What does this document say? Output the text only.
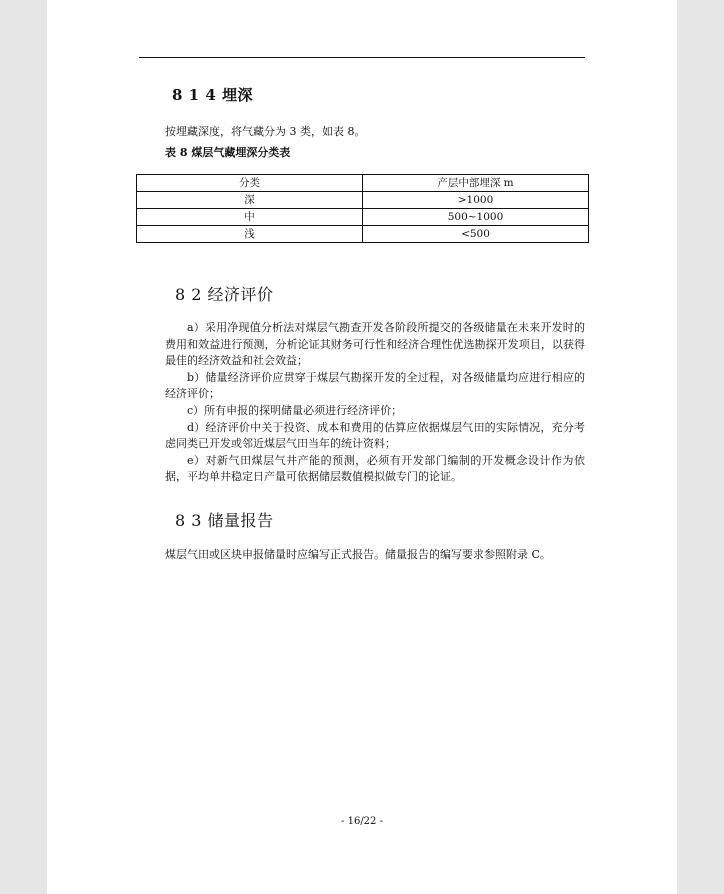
8 1 4 埋深
按埋藏深度，将气藏分为 3 类，如表 8。
表 8 煤层气藏埋深分类表
分类	产层中部埋深 m
深	>1000
中	500~1000
浅	<500
8 2 经济评价

a）采用净现值分析法对煤层气勘查开发各阶段所提交的各级储量在未来开发时的费用和效益进行预测，分析论证其财务可行性和经济合理性优选勘探开发项目，以获得最佳的经济效益和社会效益；

b）储量经济评价应贯穿于煤层气勘探开发的全过程，对各级储量均应进行相应的经济评价；

c）所有申报的探明储量必须进行经济评价；

d）经济评价中关于投资、成本和费用的估算应依据煤层气田的实际情况，充分考虑同类已开发或邻近煤层气田当年的统计资料；

e）对新气田煤层气井产能的预测，必须有开发部门编制的开发概念设计作为依据，平均单井稳定日产量可依据储层数值模拟做专门的论证。

8 3 储量报告
煤层气田或区块申报储量时应编写正式报告。储量报告的编写要求参照附录 C。
- 16/22 -
